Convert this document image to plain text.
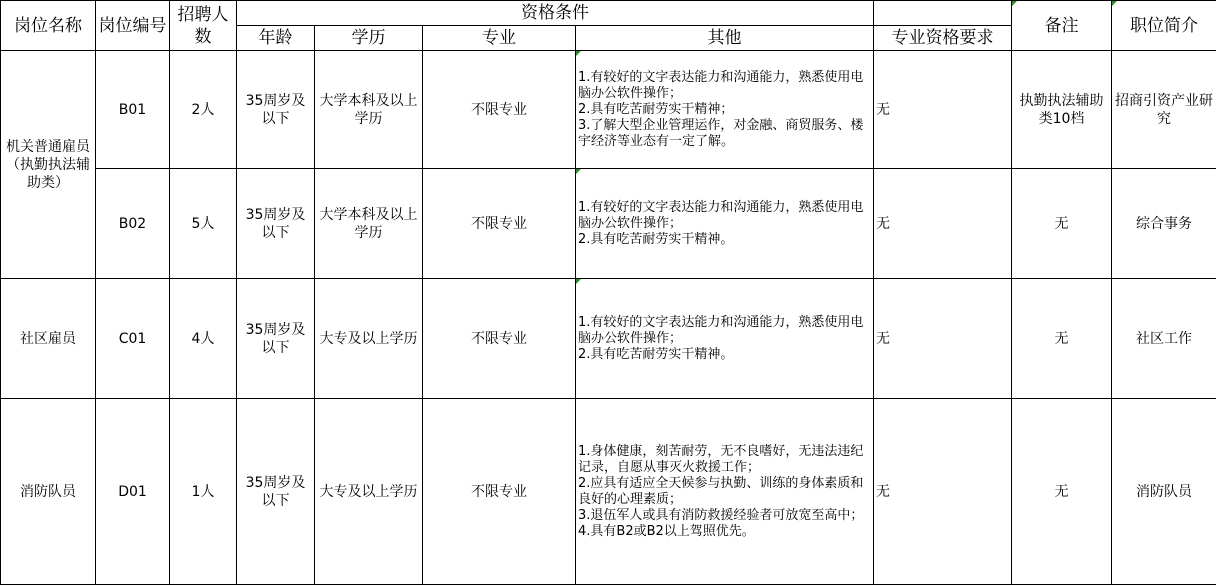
岗位名称	岗位编号	招聘人数	资格条件					备注	职位简介
			年龄	学历	专业	其他	专业资格要求		
机关普通雇员（执勤执法辅助类）	B01	2人	35周岁及以下	大学本科及以上学历	不限专业	1.有较好的文字表达能力和沟通能力，熟悉使用电脑办公软件操作；
2.具有吃苦耐劳实干精神；
3.了解大型企业管理运作，对金融、商贸服务、楼宇经济等业态有一定了解。	无	执勤执法辅助类10档	招商引资产业研究
	B02	5人	35周岁及以下	大学本科及以上学历	不限专业	1.有较好的文字表达能力和沟通能力，熟悉使用电脑办公软件操作；
2.具有吃苦耐劳实干精神。	无	无	综合事务
社区雇员	C01	4人	35周岁及以下	大专及以上学历	不限专业	1.有较好的文字表达能力和沟通能力，熟悉使用电脑办公软件操作；
2.具有吃苦耐劳实干精神。	无	无	社区工作
消防队员	D01	1人	35周岁及以下	大专及以上学历	不限专业	1.身体健康，刻苦耐劳，无不良嗜好，无违法违纪记录，自愿从事灭火救援工作；
2.应具有适应全天候参与执勤、训练的身体素质和良好的心理素质；
3.退伍军人或具有消防救援经验者可放宽至高中；
4.具有B2或B2以上驾照优先。	无	无	消防队员
